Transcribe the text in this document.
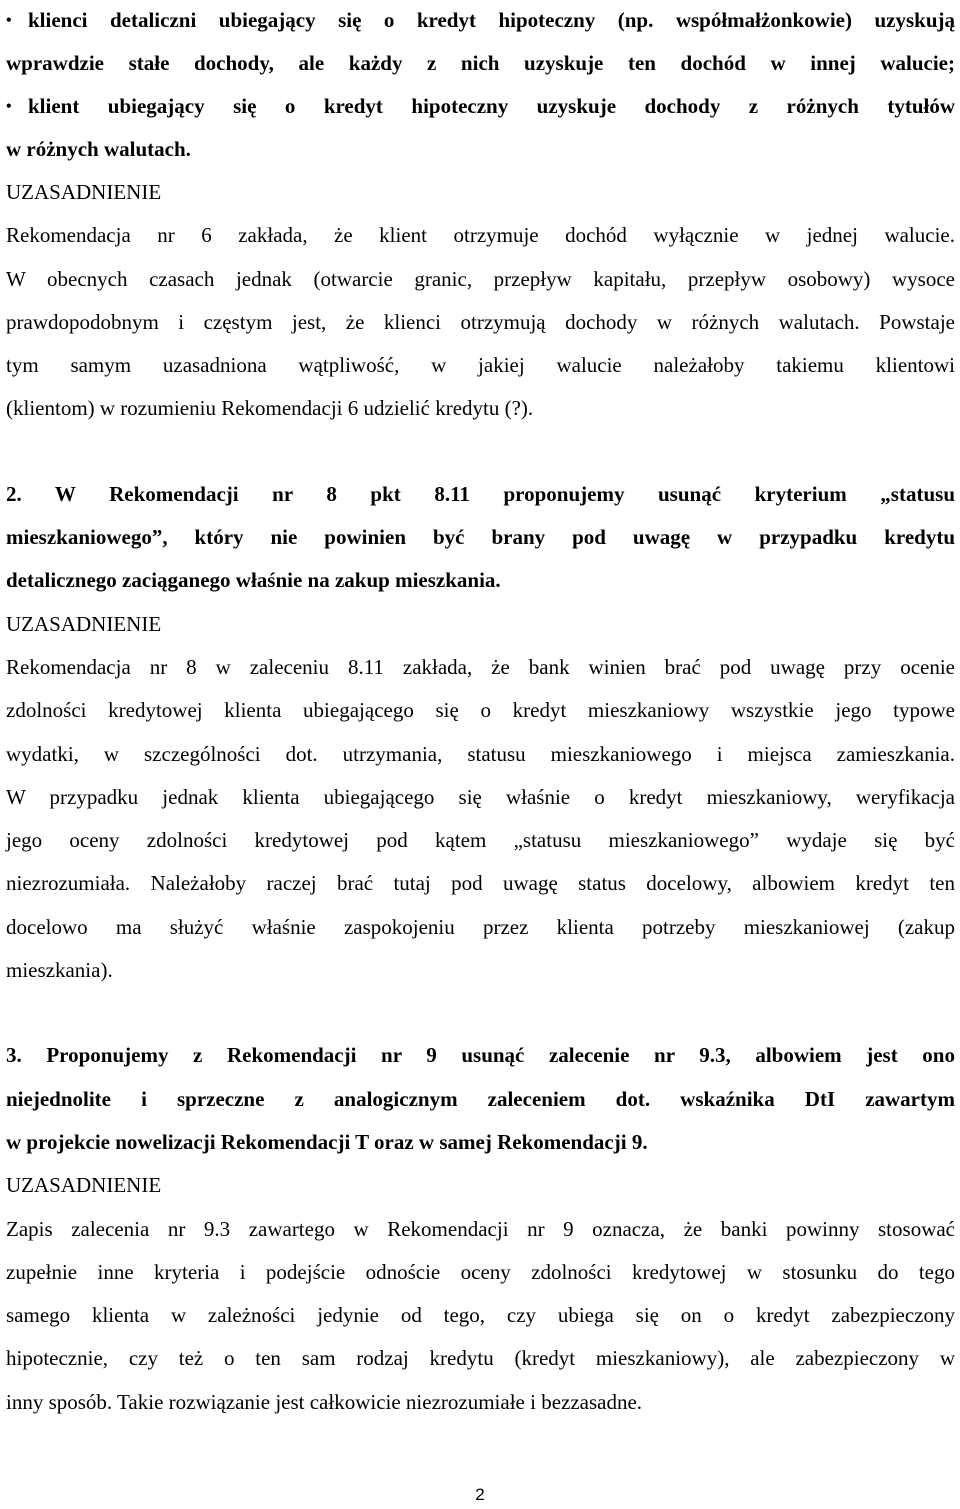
• klienci detaliczni ubiegający się o kredyt hipoteczny (np. współmałżonkowie) uzyskują
wprawdzie stałe dochody, ale każdy z nich uzyskuje ten dochód w innej walucie;
• klient ubiegający się o kredyt hipoteczny uzyskuje dochody z różnych tytułów
w różnych walutach.

UZASADNIENIE

Rekomendacja nr 6 zakłada, że klient otrzymuje dochód wyłącznie w jednej walucie.

W obecnych czasach jednak (otwarcie granic, przepływ kapitału, przepływ osobowy) wysoce

prawdopodobnym i częstym jest, że klienci otrzymują dochody w różnych walutach. Powstaje

tym samym uzasadniona wątpliwość, w jakiej walucie należałoby takiemu klientowi

(klientom) w rozumieniu Rekomendacji 6 udzielić kredytu (?).

2. W Rekomendacji nr 8 pkt 8.11 proponujemy usunąć kryterium „statusu

mieszkaniowego”, który nie powinien być brany pod uwagę w przypadku kredytu

detalicznego zaciąganego właśnie na zakup mieszkania.

UZASADNIENIE

Rekomendacja nr 8 w zaleceniu 8.11 zakłada, że bank winien brać pod uwagę przy ocenie

zdolności kredytowej klienta ubiegającego się o kredyt mieszkaniowy wszystkie jego typowe

wydatki, w szczególności dot. utrzymania, statusu mieszkaniowego i miejsca zamieszkania.

W przypadku jednak klienta ubiegającego się właśnie o kredyt mieszkaniowy, weryfikacja

jego oceny zdolności kredytowej pod kątem „statusu mieszkaniowego” wydaje się być

niezrozumiała. Należałoby raczej brać tutaj pod uwagę status docelowy, albowiem kredyt ten

docelowo ma służyć właśnie zaspokojeniu przez klienta potrzeby mieszkaniowej (zakup

mieszkania).

3. Proponujemy z Rekomendacji nr 9 usunąć zalecenie nr 9.3, albowiem jest ono

niejednolite i sprzeczne z analogicznym zaleceniem dot. wskaźnika DtI zawartym

w projekcie nowelizacji Rekomendacji T oraz w samej Rekomendacji 9.

UZASADNIENIE

Zapis zalecenia nr 9.3 zawartego w Rekomendacji nr 9 oznacza, że banki powinny stosować

zupełnie inne kryteria i podejście odnoście oceny zdolności kredytowej w stosunku do tego

samego klienta w zależności jedynie od tego, czy ubiega się on o kredyt zabezpieczony

hipotecznie, czy też o ten sam rodzaj kredytu (kredyt mieszkaniowy), ale zabezpieczony w

inny sposób. Takie rozwiązanie jest całkowicie niezrozumiałe i bezzasadne.

2
